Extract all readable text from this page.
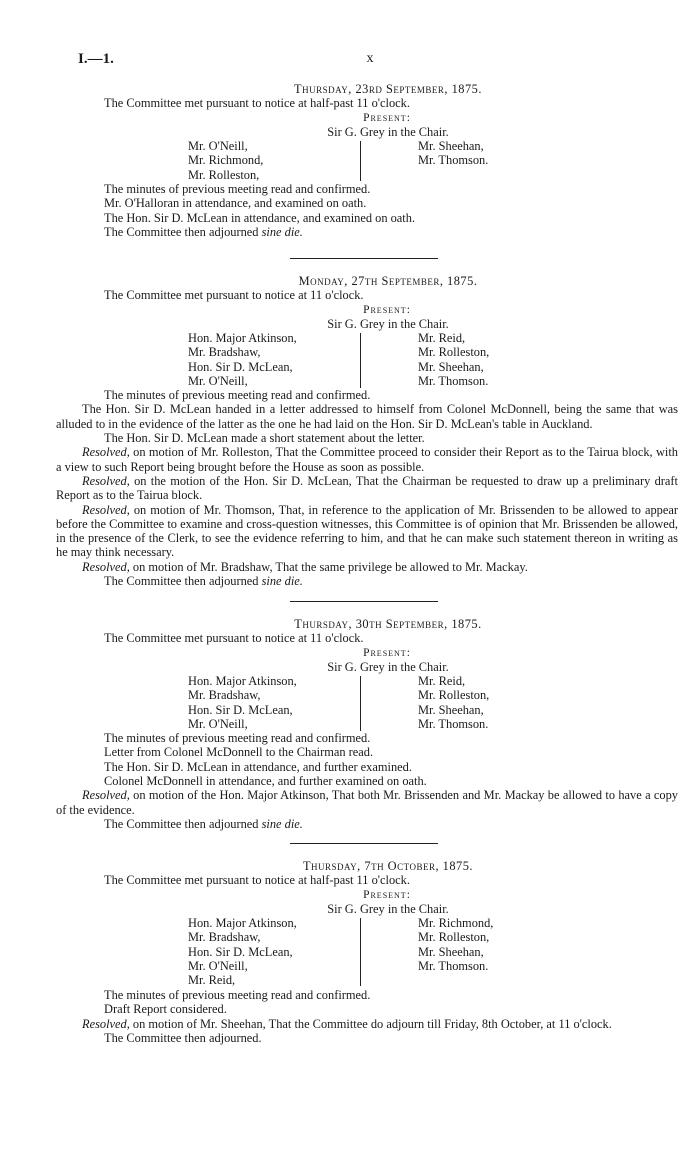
I.—1.	x
Thursday, 23rd September, 1875.
The Committee met pursuant to notice at half-past 11 o'clock.
Present:
Sir G. Grey in the Chair.
Mr. O'Neill,
Mr. Richmond,
Mr. Rolleston,
Mr. Sheehan,
Mr. Thomson.
The minutes of previous meeting read and confirmed.
Mr. O'Halloran in attendance, and examined on oath.
The Hon. Sir D. McLean in attendance, and examined on oath.
The Committee then adjourned sine die.
Monday, 27th September, 1875.
The Committee met pursuant to notice at 11 o'clock.
Present:
Sir G. Grey in the Chair.
Hon. Major Atkinson,
Mr. Bradshaw,
Hon. Sir D. McLean,
Mr. O'Neill,
Mr. Reid,
Mr. Rolleston,
Mr. Sheehan,
Mr. Thomson.
The minutes of previous meeting read and confirmed.

The Hon. Sir D. McLean handed in a letter addressed to himself from Colonel McDonnell, being the same that was alluded to in the evidence of the latter as the one he had laid on the Hon. Sir D. McLean's table in Auckland.

The Hon. Sir D. McLean made a short statement about the letter.

Resolved, on motion of Mr. Rolleston, That the Committee proceed to consider their Report as to the Tairua block, with a view to such Report being brought before the House as soon as possible.

Resolved, on the motion of the Hon. Sir D. McLean, That the Chairman be requested to draw up a preliminary draft Report as to the Tairua block.

Resolved, on motion of Mr. Thomson, That, in reference to the application of Mr. Brissenden to be allowed to appear before the Committee to examine and cross-question witnesses, this Committee is of opinion that Mr. Brissenden be allowed, in the presence of the Clerk, to see the evidence referring to him, and that he can make such statement thereon in writing as he may think necessary.

Resolved, on motion of Mr. Bradshaw, That the same privilege be allowed to Mr. Mackay.

The Committee then adjourned sine die.
Thursday, 30th September, 1875.
The Committee met pursuant to notice at 11 o'clock.
Present:
Sir G. Grey in the Chair.
Hon. Major Atkinson,
Mr. Bradshaw,
Hon. Sir D. McLean,
Mr. O'Neill,
Mr. Reid,
Mr. Rolleston,
Mr. Sheehan,
Mr. Thomson.
The minutes of previous meeting read and confirmed.
Letter from Colonel McDonnell to the Chairman read.
The Hon. Sir D. McLean in attendance, and further examined.
Colonel McDonnell in attendance, and further examined on oath.

Resolved, on motion of the Hon. Major Atkinson, That both Mr. Brissenden and Mr. Mackay be allowed to have a copy of the evidence.

The Committee then adjourned sine die.
Thursday, 7th October, 1875.
The Committee met pursuant to notice at half-past 11 o'clock.
Present:
Sir G. Grey in the Chair.
Hon. Major Atkinson,
Mr. Bradshaw,
Hon. Sir D. McLean,
Mr. O'Neill,
Mr. Reid,
Mr. Richmond,
Mr. Rolleston,
Mr. Sheehan,
Mr. Thomson.
The minutes of previous meeting read and confirmed.
Draft Report considered.

Resolved, on motion of Mr. Sheehan, That the Committee do adjourn till Friday, 8th October, at 11 o'clock.

The Committee then adjourned.
